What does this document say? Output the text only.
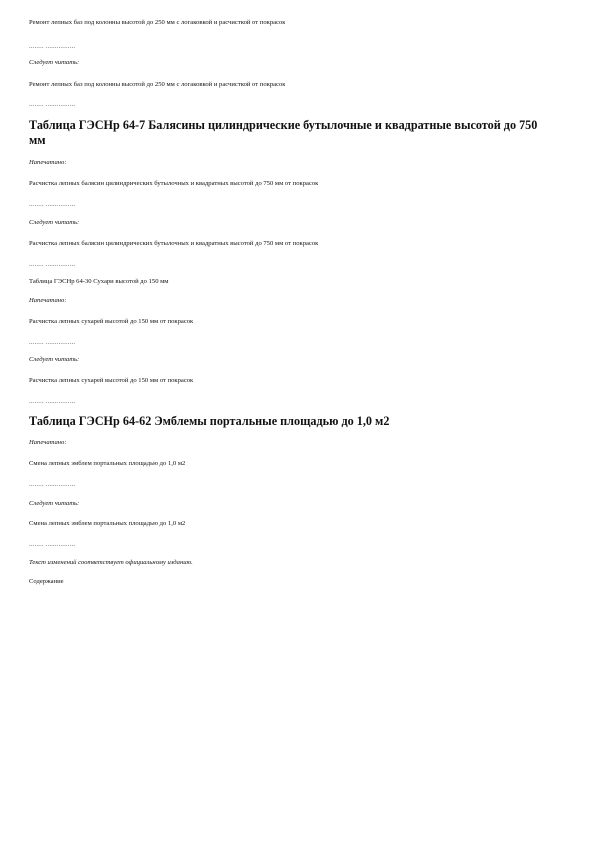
Ремонт лепных баз под колонны высотой до 250 мм с логаковкой и расчисткой от покрасок
........ ................
Следует читать:
Ремонт лепных баз под колонны высотой до 250 мм с логаковкой и расчисткой от покрасок
........ ................
Таблица ГЭСНр 64-7 Балясины цилиндрические бутылочные и квадратные высотой до 750 мм
Напечатано:
Расчистка лепных балясин цилиндрических бутылочных и квадратных высотой до 750 мм от покрасок
........ ................
Следует читать:
Расчистка лепных балясин цилиндрических бутылочных и квадратных высотой до 750 мм от покрасок
........ ................
Таблица ГЭСНр 64-30 Сухари высотой до 150 мм
Напечатано:
Расчистка лепных сухарей высотой до 150 мм от покрасок
........ ................
Следует читать:
Расчистка лепных сухарей высотой до 150 мм от покрасок
........ ................
Таблица ГЭСНр 64-62 Эмблемы портальные площадью до 1,0 м2
Напечатано:
Смена лепных эмблем портальных площадью до 1,0 м2
........ ................
Следует читать:
Смена лепных эмблем портальных площадью до 1,0 м2
........ ................
Текст изменений соответствует официальному изданию.
Содержание
